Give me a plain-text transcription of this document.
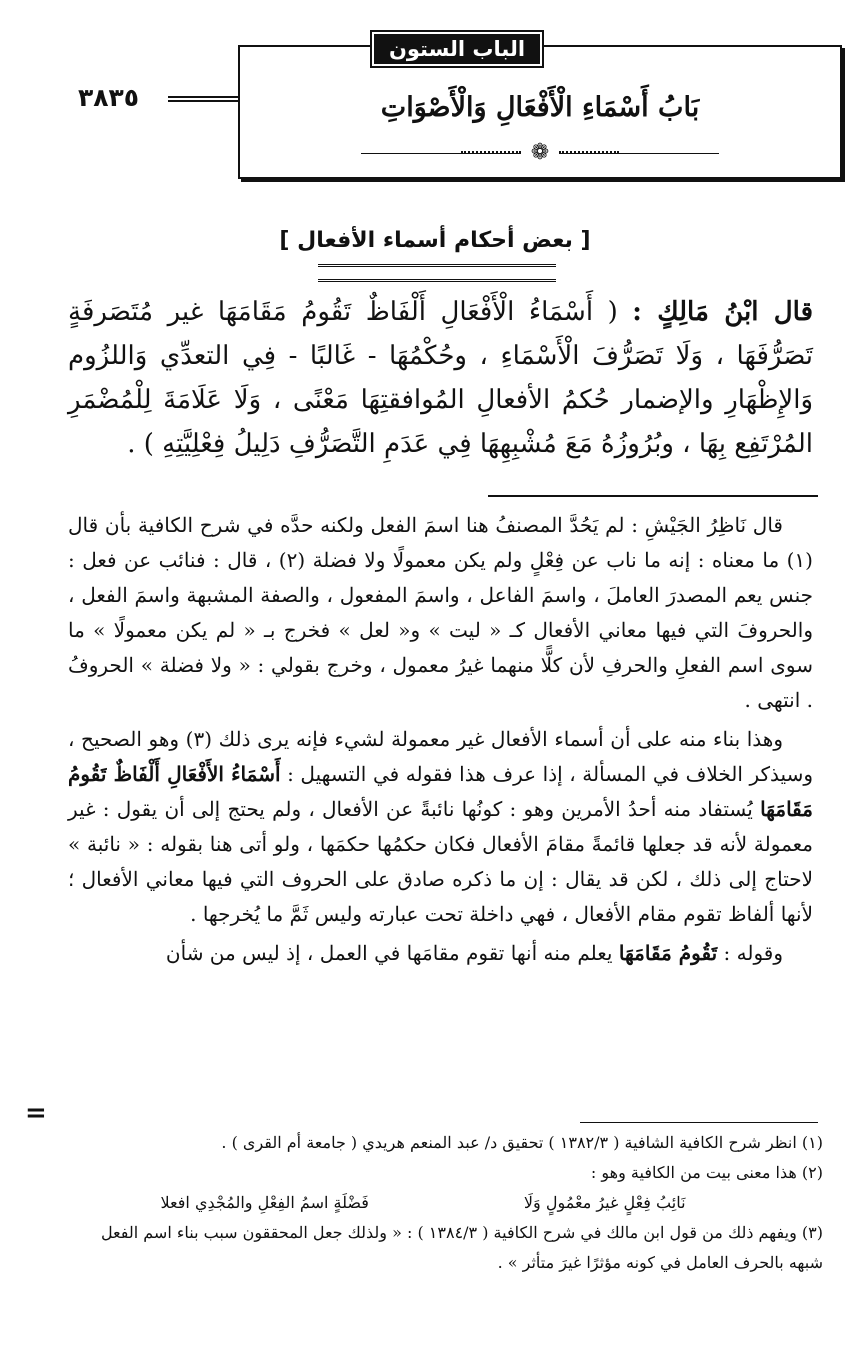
٣٨٣٥
الباب الستون
بَابُ أَسْمَاءِ الْأَفْعَالِ وَالْأَصْوَاتِ
❁
[ بعض أحكام أسماء الأفعال ]

قال ابْنُ مَالِكٍ : ( أَسْمَاءُ الْأَفْعَالِ أَلْفَاظٌ تَقُومُ مَقَامَهَا غير مُتَصَرفَةٍ تَصَرُّفَهَا ، وَلَا تَصَرُّفَ الْأَسْمَاءِ ، وحُكْمُهَا - غَالبًا - فِي التعدِّي وَاللزُوم وَالإِظْهَارِ والإضمار حُكمُ الأفعالِ المُوافقتِهَا مَعْنًى ، وَلَا عَلَامَةَ لِلْمُضْمَرِ المُرْتَفِع بِهَا ، وبُرُوزُهُ مَعَ مُشْبِهِهَا فِي عَدَمِ التَّصَرُّفِ دَلِيلُ فِعْلِيَّتِهِ ) .

قال نَاظِرُ الجَيْشِ : لم يَحُدَّ المصنفُ هنا اسمَ الفعل ولكنه حدَّه في شرح الكافية بأن قال (١) ما معناه : إنه ما ناب عن فِعْلٍ ولم يكن معمولًا ولا فضلة (٢) ، قال : فنائب عن فعل : جنس يعم المصدرَ العاملَ ، واسمَ الفاعل ، واسمَ المفعول ، والصفة المشبهة واسمَ الفعل ، والحروفَ التي فيها معاني الأفعال كـ « ليت » و« لعل » فخرج بـ « لم يكن معمولًا » ما سوى اسم الفعلِ والحرفِ لأن كلًّا منهما غيرُ معمول ، وخرج بقولي : « ولا فضلة » الحروفُ . انتهى .

وهذا بناء منه على أن أسماء الأفعال غير معمولة لشيء فإنه يرى ذلك (٣) وهو الصحيح ، وسيذكر الخلاف في المسألة ، إذا عرف هذا فقوله في التسهيل : أَسْمَاءُ الأَفْعَالِ أَلْفَاظٌ تَقُومُ مَقَامَهَا يُستفاد منه أحدُ الأمرين وهو : كونُها نائبةً عن الأفعال ، ولم يحتج إلى أن يقول : غير معمولة لأنه قد جعلها قائمةً مقامَ الأفعال فكان حكمُها حكمَها ، ولو أتى هنا بقوله : « نائبة » لاحتاج إلى ذلك ، لكن قد يقال : إن ما ذكره صادق على الحروف التي فيها معاني الأفعال ؛ لأنها ألفاظ تقوم مقام الأفعال ، فهي داخلة تحت عبارته وليس ثَمَّ ما يُخرجها .

وقوله : تَقُومُ مَقَامَهَا يعلم منه أنها تقوم مقامَها في العمل ، إذ ليس من شأن

=

(١) انظر شرح الكافية الشافية ( ١٣٨٢/٣ ) تحقيق د/ عبد المنعم هريدي ( جامعة أم القرى ) .

(٢) هذا معنى بيت من الكافية وهو :

نَائِبُ فِعْلٍ غيرُ معْمُولٍ وَلَا
فَضْلَةٍ اسمُ الفِعْلِ والمُجْدِي افعلا

(٣) ويفهم ذلك من قول ابن مالك في شرح الكافية ( ١٣٨٤/٣ ) : « ولذلك جعل المحققون سبب بناء اسم الفعل شبهه بالحرف العامل في كونه مؤثرًا غيرَ متأثر » .
